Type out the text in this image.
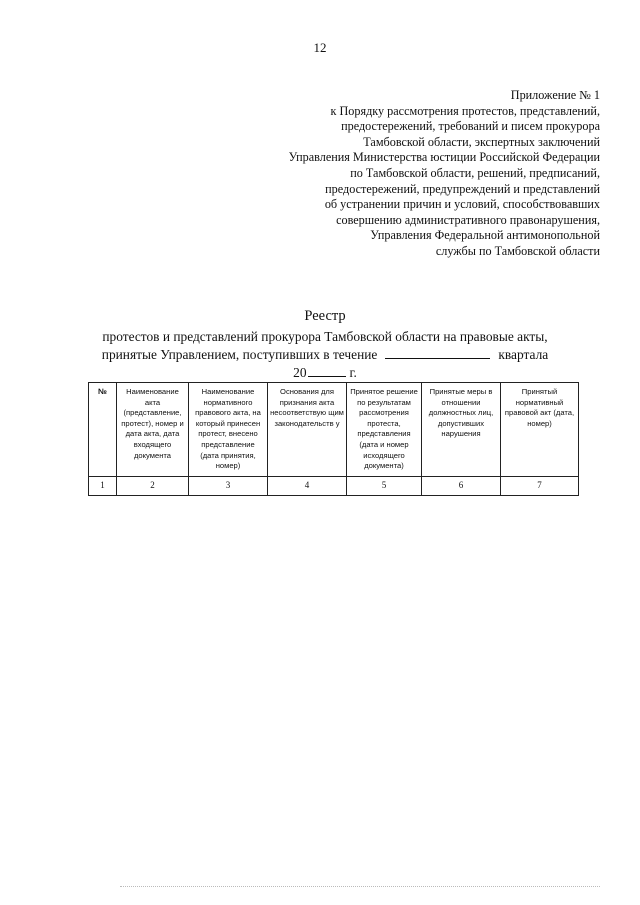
12
Приложение № 1
к Порядку рассмотрения протестов, представлений,
предостережений, требований и писем прокурора
Тамбовской области, экспертных заключений
Управления Министерства юстиции Российской Федерации
по Тамбовской области, решений, предписаний,
предостережений, предупреждений и представлений
об устранении причин и условий, способствовавших
совершению административного правонарушения,
Управления Федеральной антимонопольной
службы по Тамбовской области
Реестр
протестов и представлений прокурора Тамбовской области на правовые акты,
принятые Управлением, поступивших в течение	квартала
20	г.
№	Наименование акта (представление, протест), номер и дата акта, дата входящего документа	Наименование нормативного правового акта, на который принесен протест, внесено представление (дата принятия, номер)	Основания для признания акта несоответствую щим законодательств у	Принятое решение по результатам рассмотрения протеста, представления (дата и номер исходящего документа)	Принятые меры в отношении должностных лиц, допустивших нарушения	Принятый нормативный правовой акт (дата, номер)
1	2	3	4	5	6	7
